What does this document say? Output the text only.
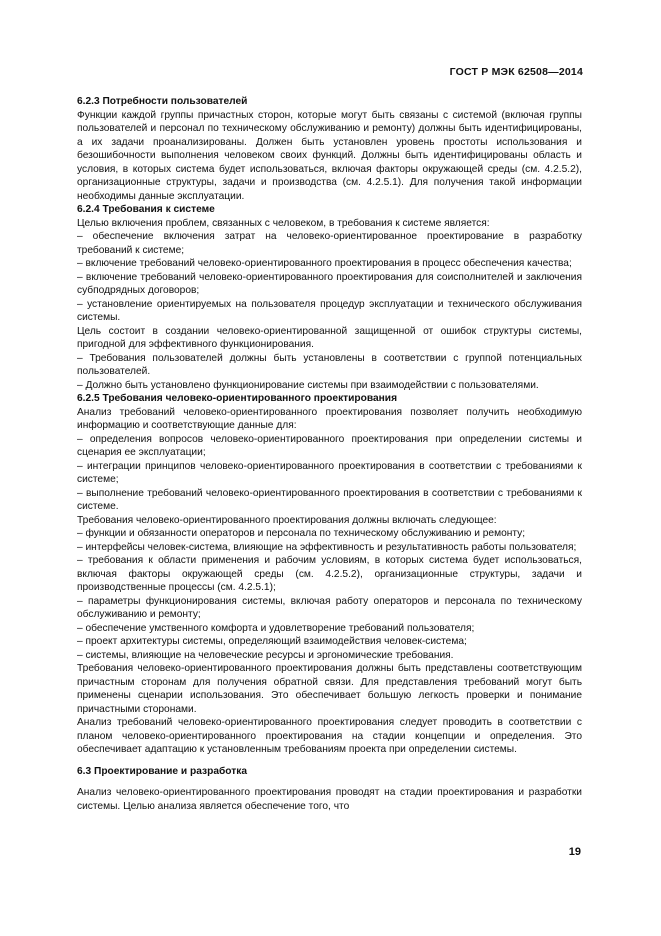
ГОСТ Р МЭК 62508—2014
6.2.3 Потребности пользователей

Функции каждой группы причастных сторон, которые могут быть связаны с системой (включая группы пользователей и персонал по техническому обслуживанию и ремонту) должны быть идентифицированы, а их задачи проанализированы. Должен быть установлен уровень простоты использования и безошибочности выполнения человеком своих функций. Должны быть идентифицированы область и условия, в которых система будет использоваться, включая факторы окружающей среды (см. 4.2.5.2), организационные структуры, задачи и производства (см. 4.2.5.1). Для получения такой информации необходимы данные эксплуатации.

6.2.4 Требования к системе

Целью включения проблем, связанных с человеком, в требования к системе является:

– обеспечение включения затрат на человеко-ориентированное проектирование в разработку требований к системе;

– включение требований человеко-ориентированного проектирования в процесс обеспечения качества;

– включение требований человеко-ориентированного проектирования для соисполнителей и заключения субподрядных договоров;

– установление ориентируемых на пользователя процедур эксплуатации и технического обслуживания системы.

Цель состоит в создании человеко-ориентированной защищенной от ошибок структуры системы, пригодной для эффективного функционирования.

– Требования пользователей должны быть установлены в соответствии с группой потенциальных пользователей.

– Должно быть установлено функционирование системы при взаимодействии с пользователями.

6.2.5 Требования человеко-ориентированного проектирования

Анализ требований человеко-ориентированного проектирования позволяет получить необходимую информацию и соответствующие данные для:

– определения вопросов человеко-ориентированного проектирования при определении системы и сценария ее эксплуатации;

– интеграции принципов человеко-ориентированного проектирования в соответствии с требованиями к системе;

– выполнение требований человеко-ориентированного проектирования в соответствии с требованиями к системе.

Требования человеко-ориентированного проектирования должны включать следующее:

– функции и обязанности операторов и персонала по техническому обслуживанию и ремонту;

– интерфейсы человек-система, влияющие на эффективность и результативность работы пользователя;

– требования к области применения и рабочим условиям, в которых система будет использоваться, включая факторы окружающей среды (см. 4.2.5.2), организационные структуры, задачи и производственные процессы (см. 4.2.5.1);

– параметры функционирования системы, включая работу операторов и персонала по техническому обслуживанию и ремонту;

– обеспечение умственного комфорта и удовлетворение требований пользователя;

– проект архитектуры системы, определяющий взаимодействия человек-система;

– системы, влияющие на человеческие ресурсы и эргономические требования.

Требования человеко-ориентированного проектирования должны быть представлены соответствующим причастным сторонам для получения обратной связи. Для представления требований могут быть применены сценарии использования. Это обеспечивает большую легкость проверки и понимание причастными сторонами.

Анализ требований человеко-ориентированного проектирования следует проводить в соответствии с планом человеко-ориентированного проектирования на стадии концепции и определения. Это обеспечивает адаптацию к установленным требованиям проекта при определении системы.

6.3 Проектирование и разработка

Анализ человеко-ориентированного проектирования проводят на стадии проектирования и разработки системы. Целью анализа является обеспечение того, что

19
